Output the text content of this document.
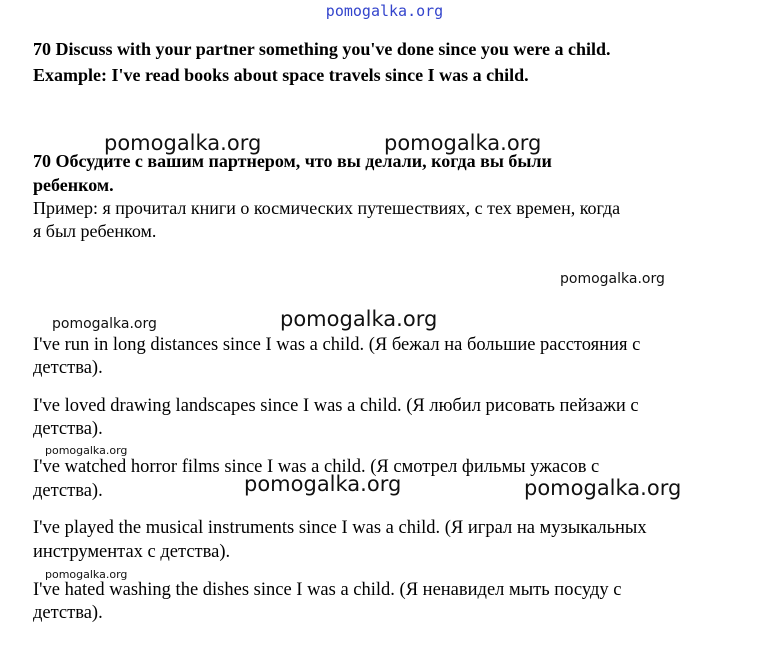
pomogalka.org
70 Discuss with your partner something you've done since you were a child.
Example: I've read books about space travels since I was a child.
70 Обсудите с вашим партнером, что вы делали, когда вы были
ребенком.
Пример: я прочитал книги о космических путешествиях, с тех времен, когда
я был ребенком.
I've run in long distances since I was a child. (Я бежал на большие расстояния с
детства).
I've loved drawing landscapes since I was a child. (Я любил рисовать пейзажи с
детства).
I've watched horror films since I was a child. (Я смотрел фильмы ужасов с
детства).
I've played the musical instruments since I was a child. (Я играл на музыкальных
инструментах с детства).
I've hated washing the dishes since I was a child. (Я ненавидел мыть посуду с
детства).
pomogalka.org	pomogalka.org
pomogalka.org
pomogalka.org	pomogalka.org
pomogalka.org
pomogalka.org	pomogalka.org
pomogalka.org
